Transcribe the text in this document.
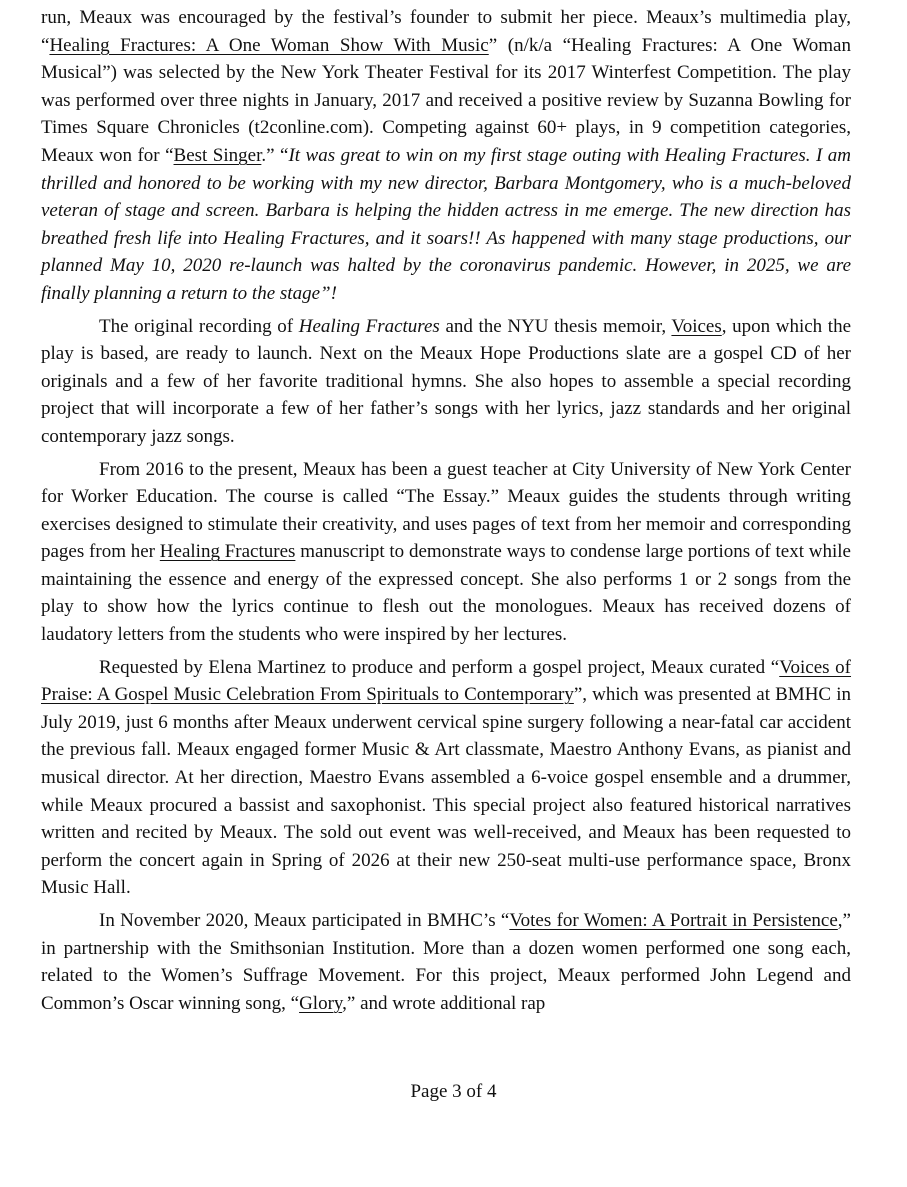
run, Meaux was encouraged by the festival’s founder to submit her piece. Meaux’s multimedia play, “Healing Fractures: A One Woman Show With Music” (n/k/a “Healing Fractures: A One Woman Musical”) was selected by the New York Theater Festival for its 2017 Winterfest Competition. The play was performed over three nights in January, 2017 and received a positive review by Suzanna Bowling for Times Square Chronicles (t2conline.com). Competing against 60+ plays, in 9 competition categories, Meaux won for “Best Singer.” “It was great to win on my first stage outing with Healing Fractures. I am thrilled and honored to be working with my new director, Barbara Montgomery, who is a much-beloved veteran of stage and screen. Barbara is helping the hidden actress in me emerge. The new direction has breathed fresh life into Healing Fractures, and it soars!! As happened with many stage productions, our planned May 10, 2020 re-launch was halted by the coronavirus pandemic. However, in 2025, we are finally planning a return to the stage”!

The original recording of Healing Fractures and the NYU thesis memoir, Voices, upon which the play is based, are ready to launch. Next on the Meaux Hope Productions slate are a gospel CD of her originals and a few of her favorite traditional hymns. She also hopes to assemble a special recording project that will incorporate a few of her father’s songs with her lyrics, jazz standards and her original contemporary jazz songs.

From 2016 to the present, Meaux has been a guest teacher at City University of New York Center for Worker Education. The course is called “The Essay.” Meaux guides the students through writing exercises designed to stimulate their creativity, and uses pages of text from her memoir and corresponding pages from her Healing Fractures manuscript to demonstrate ways to condense large portions of text while maintaining the essence and energy of the expressed concept. She also performs 1 or 2 songs from the play to show how the lyrics continue to flesh out the monologues. Meaux has received dozens of laudatory letters from the students who were inspired by her lectures.

Requested by Elena Martinez to produce and perform a gospel project, Meaux curated “Voices of Praise: A Gospel Music Celebration From Spirituals to Contemporary”, which was presented at BMHC in July 2019, just 6 months after Meaux underwent cervical spine surgery following a near-fatal car accident the previous fall. Meaux engaged former Music & Art classmate, Maestro Anthony Evans, as pianist and musical director. At her direction, Maestro Evans assembled a 6-voice gospel ensemble and a drummer, while Meaux procured a bassist and saxophonist. This special project also featured historical narratives written and recited by Meaux. The sold out event was well-received, and Meaux has been requested to perform the concert again in Spring of 2026 at their new 250-seat multi-use performance space, Bronx Music Hall.

In November 2020, Meaux participated in BMHC’s “Votes for Women: A Portrait in Persistence,” in partnership with the Smithsonian Institution. More than a dozen women performed one song each, related to the Women’s Suffrage Movement. For this project, Meaux performed John Legend and Common’s Oscar winning song, “Glory,” and wrote additional rap

Page 3 of 4
